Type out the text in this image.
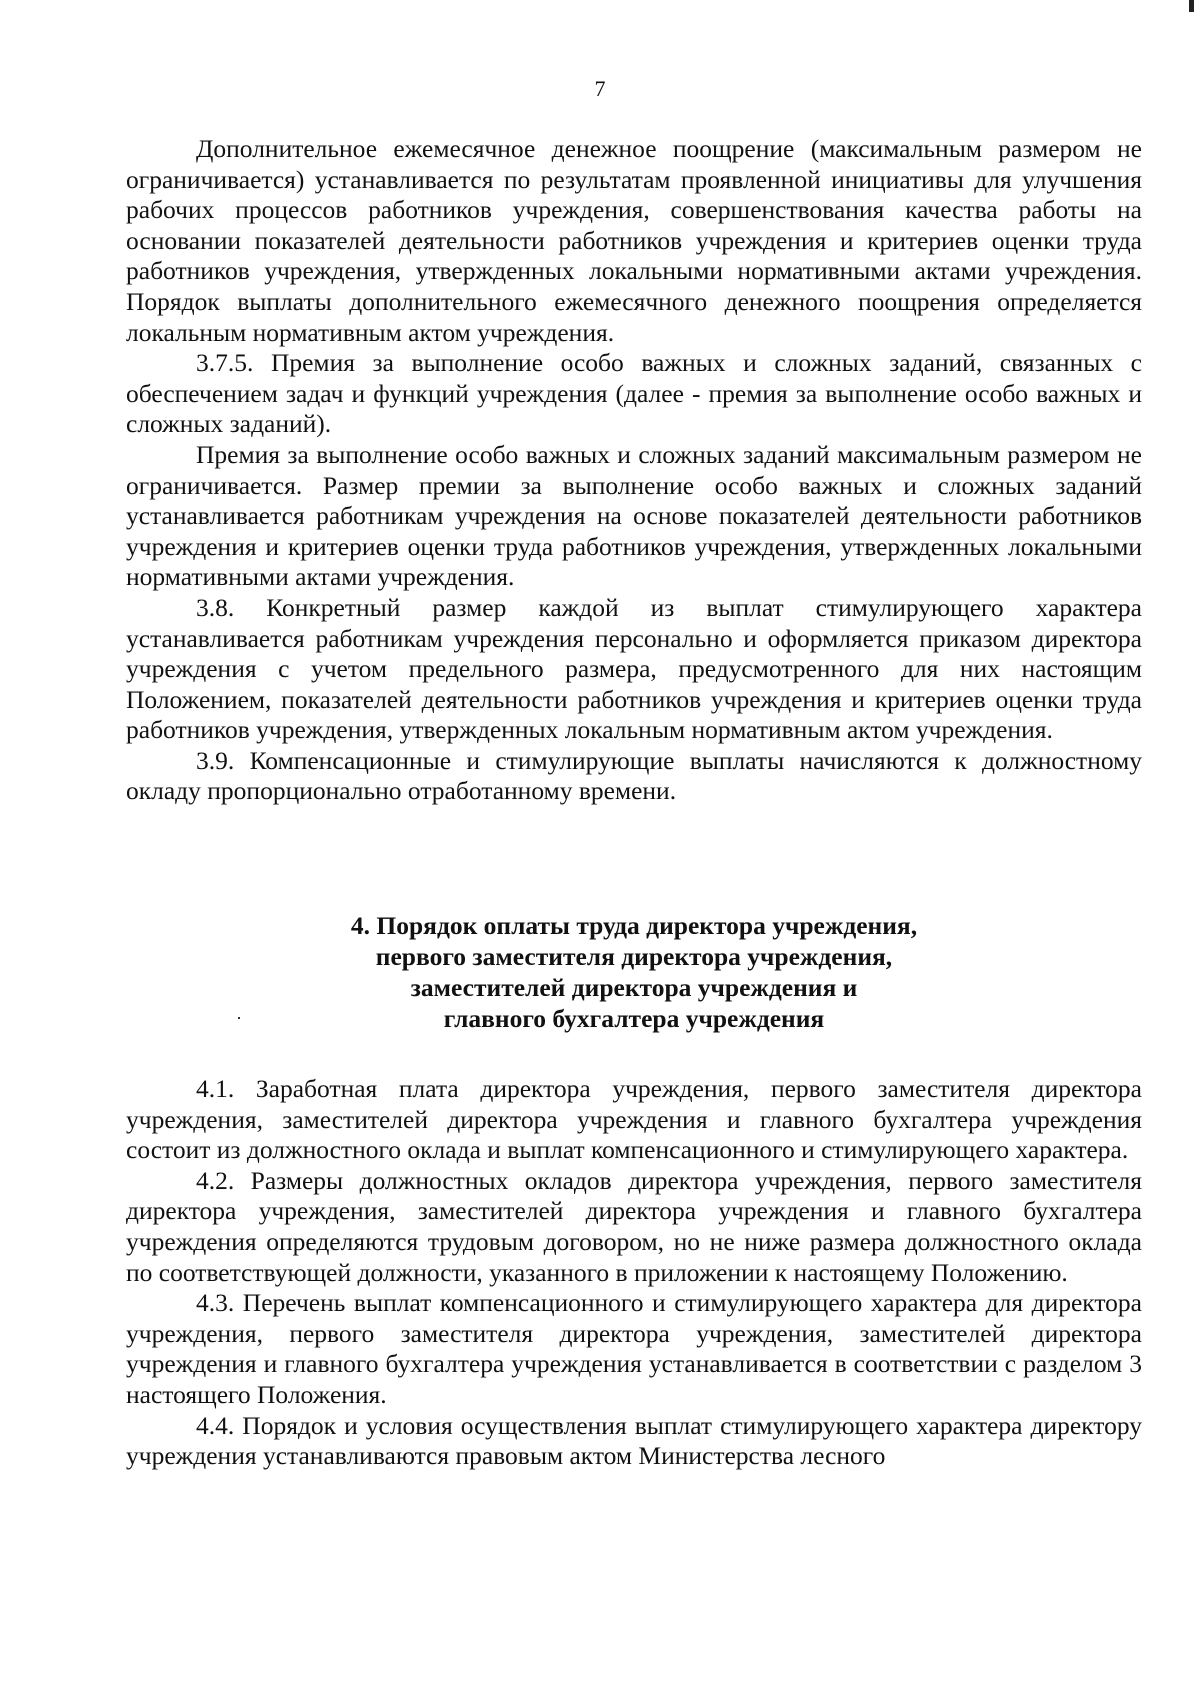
7

Дополнительное ежемесячное денежное поощрение (максимальным размером не ограничивается) устанавливается по результатам проявленной инициативы для улучшения рабочих процессов работников учреждения, совершенствования качества работы на основании показателей деятельности работников учреждения и критериев оценки труда работников учреждения, утвержденных локальными нормативными актами учреждения. Порядок выплаты дополнительного ежемесячного денежного поощрения определяется локальным нормативным актом учреждения.

3.7.5. Премия за выполнение особо важных и сложных заданий, связанных с обеспечением задач и функций учреждения (далее - премия за выполнение особо важных и сложных заданий).

Премия за выполнение особо важных и сложных заданий максимальным размером не ограничивается. Размер премии за выполнение особо важных и сложных заданий устанавливается работникам учреждения на основе показателей деятельности работников учреждения и критериев оценки труда работников учреждения, утвержденных локальными нормативными актами учреждения.

3.8. Конкретный размер каждой из выплат стимулирующего характера устанавливается работникам учреждения персонально и оформляется приказом директора учреждения с учетом предельного размера, предусмотренного для них настоящим Положением, показателей деятельности работников учреждения и критериев оценки труда работников учреждения, утвержденных локальным нормативным актом учреждения.

3.9. Компенсационные и стимулирующие выплаты начисляются к должностному окладу пропорционально отработанному времени.

4. Порядок оплаты труда директора учреждения,
первого заместителя директора учреждения,
заместителей директора учреждения и
главного бухгалтера учреждения

4.1. Заработная плата директора учреждения, первого заместителя директора учреждения, заместителей директора учреждения и главного бухгалтера учреждения состоит из должностного оклада и выплат компенсационного и стимулирующего характера.

4.2. Размеры должностных окладов директора учреждения, первого заместителя директора учреждения, заместителей директора учреждения и главного бухгалтера учреждения определяются трудовым договором, но не ниже размера должностного оклада по соответствующей должности, указанного в приложении к настоящему Положению.

4.3. Перечень выплат компенсационного и стимулирующего характера для директора учреждения, первого заместителя директора учреждения, заместителей директора учреждения и главного бухгалтера учреждения устанавливается в соответствии с разделом 3 настоящего Положения.

4.4. Порядок и условия осуществления выплат стимулирующего характера директору учреждения устанавливаются правовым актом Министерства лесного
